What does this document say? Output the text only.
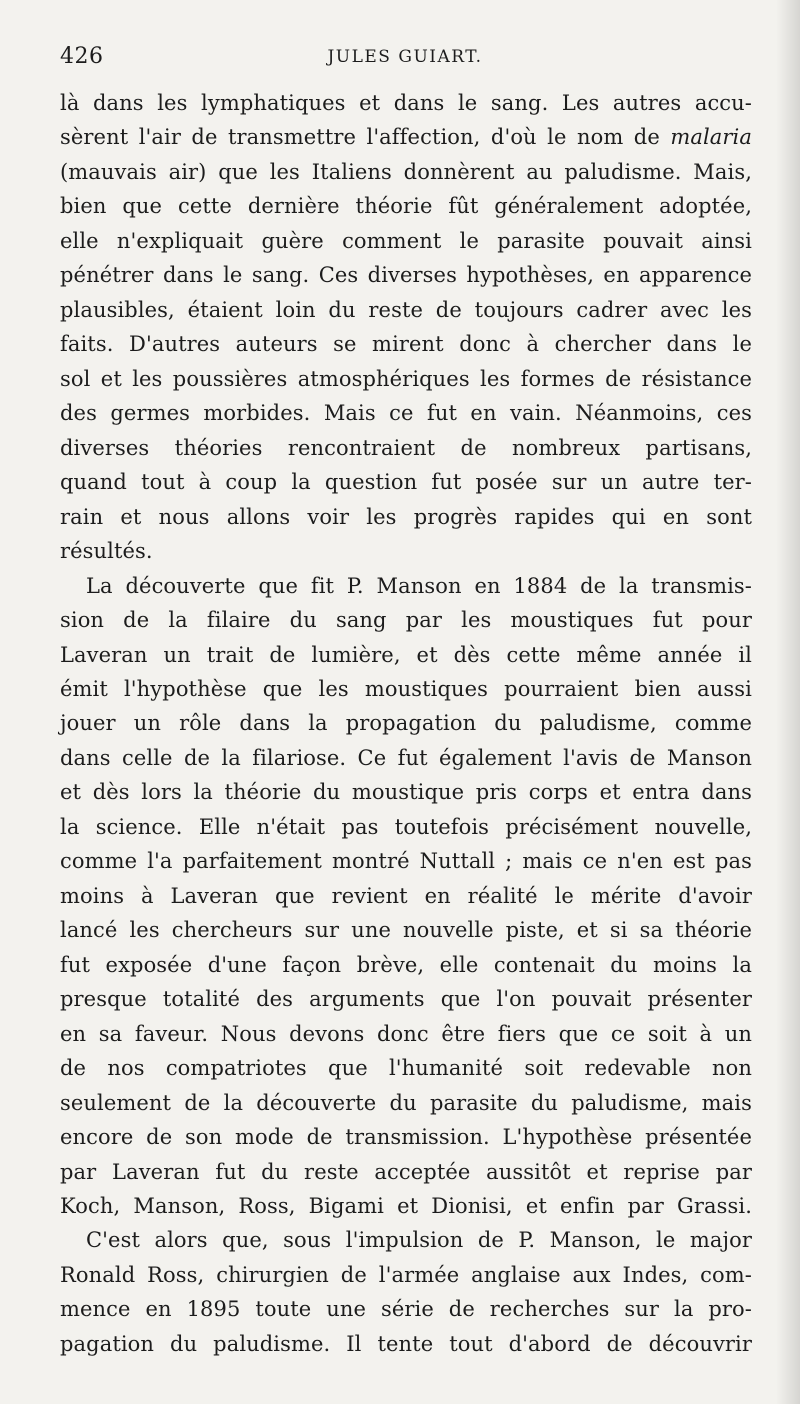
426	JULES GUIART.
là dans les lymphatiques et dans le sang. Les autres accu-
sèrent l'air de transmettre l'affection, d'où le nom de malaria
(mauvais air) que les Italiens donnèrent au paludisme. Mais,
bien que cette dernière théorie fût généralement adoptée,
elle n'expliquait guère comment le parasite pouvait ainsi
pénétrer dans le sang. Ces diverses hypothèses, en apparence
plausibles, étaient loin du reste de toujours cadrer avec les
faits. D'autres auteurs se mirent donc à chercher dans le
sol et les poussières atmosphériques les formes de résistance
des germes morbides. Mais ce fut en vain. Néanmoins, ces
diverses théories rencontraient de nombreux partisans,
quand tout à coup la question fut posée sur un autre ter-
rain et nous allons voir les progrès rapides qui en sont
résultés.
La découverte que fit P. Manson en 1884 de la transmis-
sion de la filaire du sang par les moustiques fut pour
Laveran un trait de lumière, et dès cette même année il
émit l'hypothèse que les moustiques pourraient bien aussi
jouer un rôle dans la propagation du paludisme, comme
dans celle de la filariose. Ce fut également l'avis de Manson
et dès lors la théorie du moustique pris corps et entra dans
la science. Elle n'était pas toutefois précisément nouvelle,
comme l'a parfaitement montré Nuttall ; mais ce n'en est pas
moins à Laveran que revient en réalité le mérite d'avoir
lancé les chercheurs sur une nouvelle piste, et si sa théorie
fut exposée d'une façon brève, elle contenait du moins la
presque totalité des arguments que l'on pouvait présenter
en sa faveur. Nous devons donc être fiers que ce soit à un
de nos compatriotes que l'humanité soit redevable non
seulement de la découverte du parasite du paludisme, mais
encore de son mode de transmission. L'hypothèse présentée
par Laveran fut du reste acceptée aussitôt et reprise par
Koch, Manson, Ross, Bigami et Dionisi, et enfin par Grassi.
C'est alors que, sous l'impulsion de P. Manson, le major
Ronald Ross, chirurgien de l'armée anglaise aux Indes, com-
mence en 1895 toute une série de recherches sur la pro-
pagation du paludisme. Il tente tout d'abord de découvrir
